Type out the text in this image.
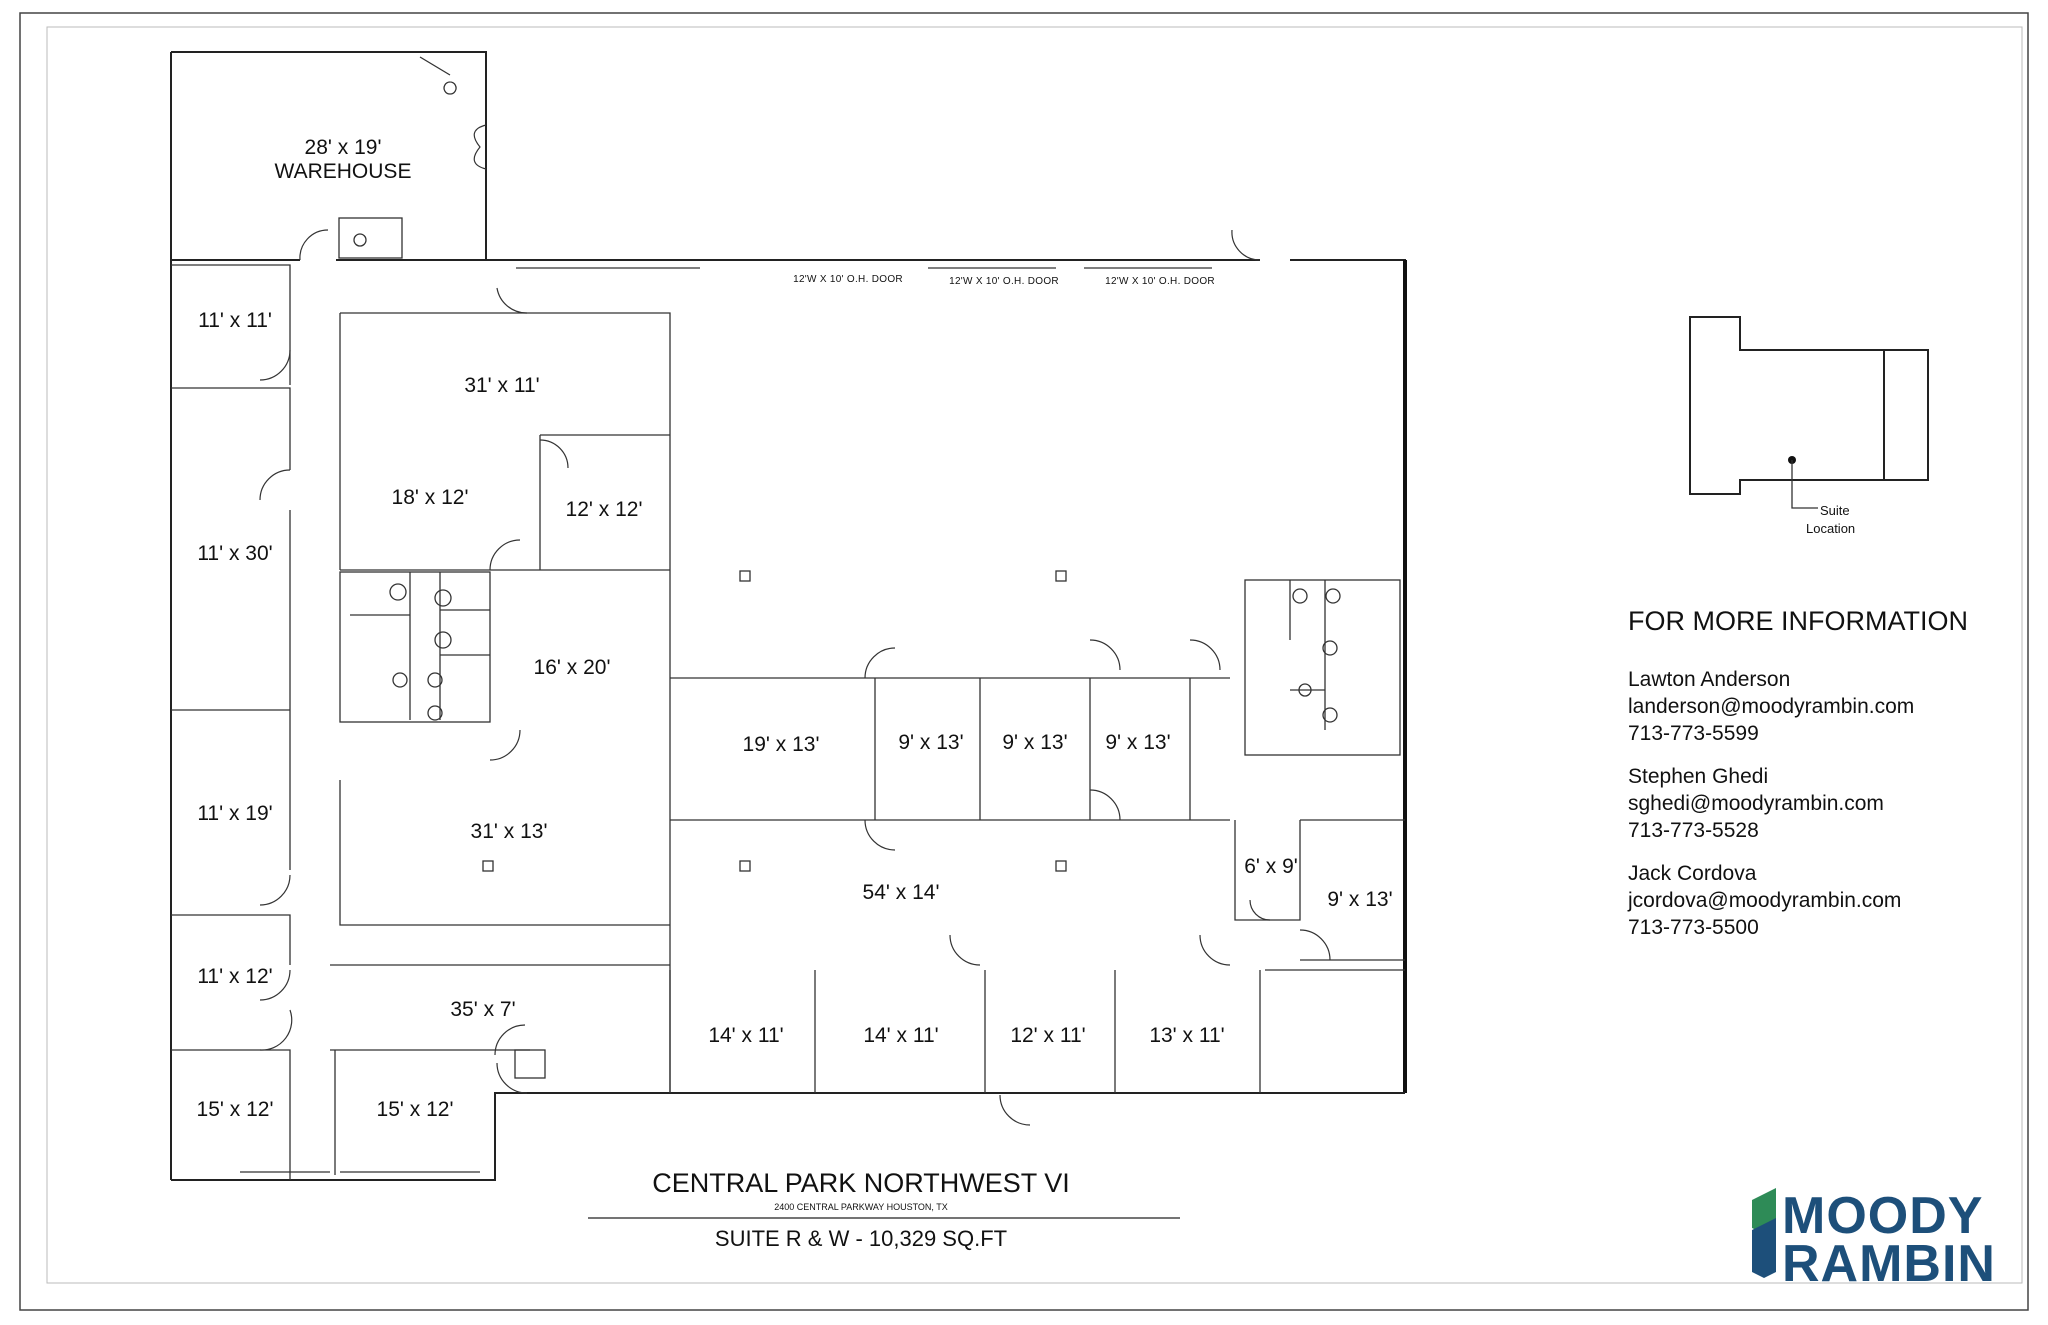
28' x 19'
WAREHOUSE
12'W X 10' O.H. DOOR	12'W X 10' O.H. DOOR	12'W X 10' O.H. DOOR
11' x 11'
11' x 30'
11' x 19'
11' x 12'
15' x 12'	15' x 12'
31' x 11'
18' x 12'
12' x 12'
16' x 20'
31' x 13'
35' x 7'
19' x 13'	9' x 13' 9' x 13' 9' x 13'
54' x 14'
6' x 9'
9' x 13'
14' x 11'	14' x 11'	12' x 11'	13' x 11'
Suite
Location
FOR MORE INFORMATION
Lawton Anderson
landerson@moodyrambin.com
713-773-5599
Stephen Ghedi
sghedi@moodyrambin.com
713-773-5528
Jack Cordova
jcordova@moodyrambin.com
713-773-5500
CENTRAL PARK NORTHWEST VI
2400 CENTRAL PARKWAY HOUSTON, TX
SUITE R & W - 10,329 SQ.FT	MOODY
RAMBIN
